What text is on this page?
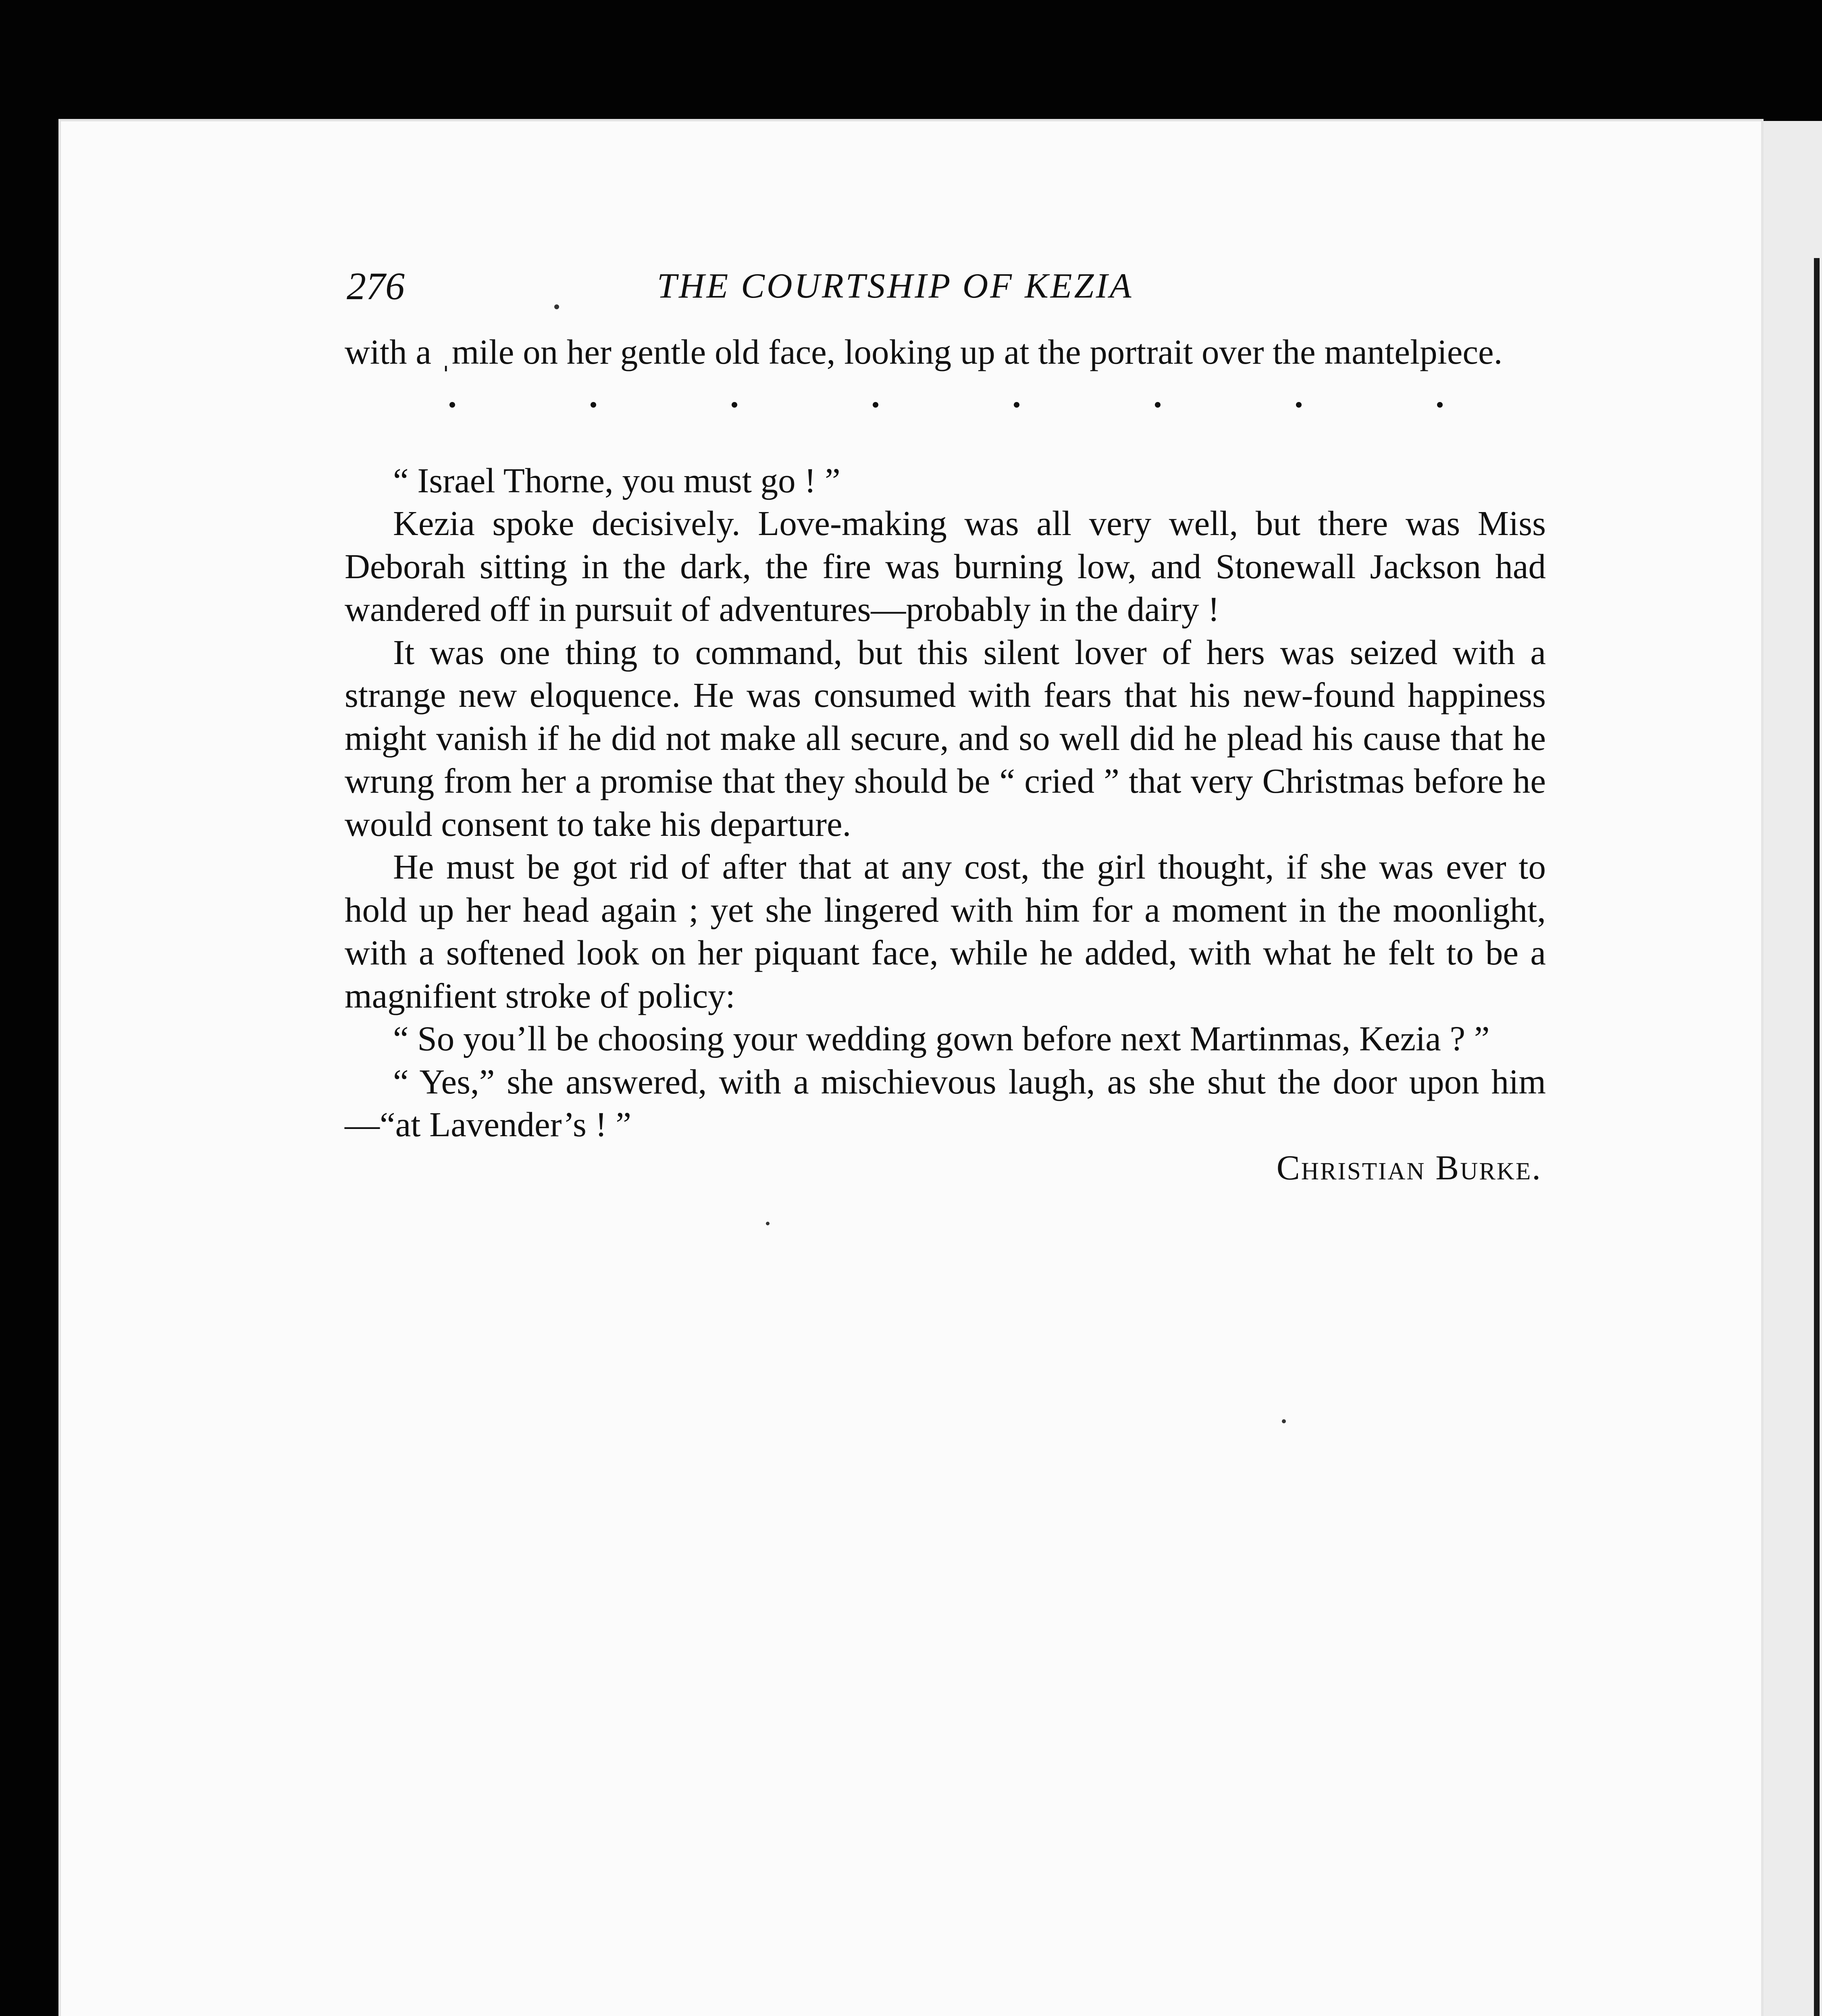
276	THE COURTSHIP OF KEZIA

with a ˌmile on her gentle old face, looking up at the portrait over the mantelpiece.

“ Israel Thorne, you must go ! ”

Kezia spoke decisively. Love-making was all very well, but there was Miss Deborah sitting in the dark, the fire was burning low, and Stonewall Jackson had wandered off in pursuit of adventures—probably in the dairy !

It was one thing to command, but this silent lover of hers was seized with a strange new eloquence. He was consumed with fears that his new-found happiness might vanish if he did not make all secure, and so well did he plead his cause that he wrung from her a promise that they should be “ cried ” that very Christmas before he would consent to take his departure.

He must be got rid of after that at any cost, the girl thought, if she was ever to hold up her head again ; yet she lingered with him for a moment in the moonlight, with a softened look on her piquant face, while he added, with what he felt to be a magnifient stroke of policy:

“ So you’ll be choosing your wedding gown before next Martinmas, Kezia ? ”

“ Yes,” she answered, with a mischievous laugh, as she shut the door upon him—“at Lavender’s ! ”

Christian Burke.
